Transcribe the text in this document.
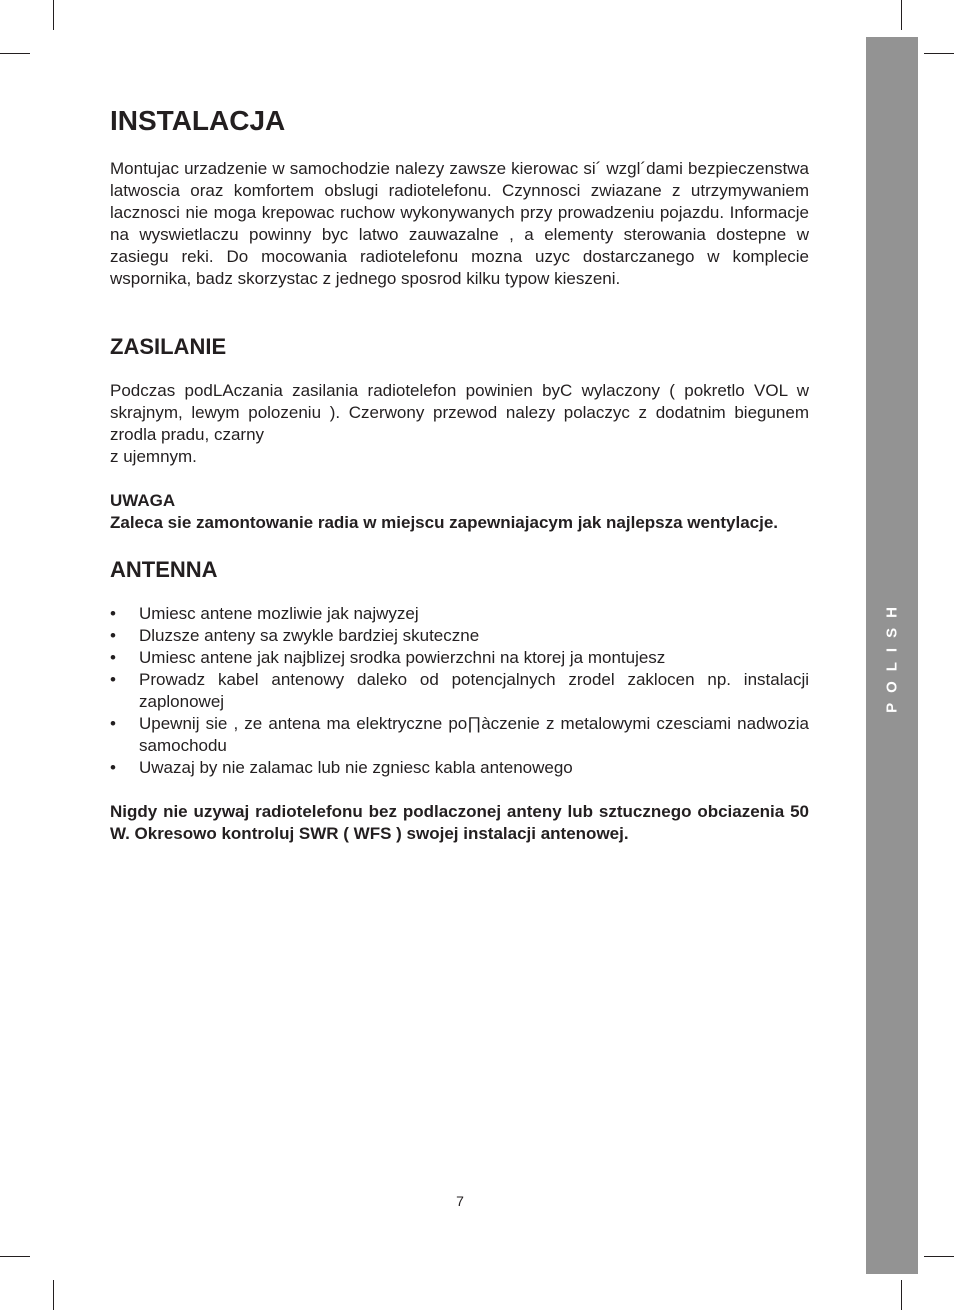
POLISH
INSTALACJA

Montujac urzadzenie w samochodzie nalezy zawsze kierowac si´ wzgl´dami bezpieczenstwa latwoscia oraz komfortem obslugi radiotelefonu. Czynnosci zwiazane z utrzymywaniem lacznosci nie moga krepowac ruchow wykonywanych przy prowadzeniu pojazdu. Informacje na wyswietlaczu powinny byc latwo zauwazalne , a elementy sterowania dostepne w zasiegu reki. Do mocowania radiotelefonu mozna uzyc dostarczanego w komplecie wspornika, badz skorzystac z jednego sposrod kilku typow kieszeni.

ZASILANIE

Podczas podLAczania zasilania radiotelefon powinien byC wylaczony ( pokretlo VOL w skrajnym, lewym polozeniu ). Czerwony przewod nalezy polaczyc z dodatnim biegunem zrodla pradu, czarny

z ujemnym.

UWAGA

Zaleca sie zamontowanie radia w miejscu zapewniajacym jak najlepsza wentylacje.

ANTENNA
• Umiesc antene mozliwie jak najwyzej
• Dluzsze anteny sa zwykle bardziej skuteczne
• Umiesc antene jak najblizej srodka powierzchni na ktorej ja montujesz
• Prowadz kabel antenowy daleko od potencjalnych zrodel zaklocen np. instalacji zaplonowej
• Upewnij sie , ze antena ma elektryczne po∏àczenie z metalowymi czesciami nadwozia samochodu
• Uwazaj by nie zalamac lub nie zgniesc kabla antenowego

Nigdy nie uzywaj radiotelefonu bez podlaczonej anteny lub sztucznego obciazenia 50 W. Okresowo kontroluj SWR ( WFS ) swojej instalacji antenowej.

7
